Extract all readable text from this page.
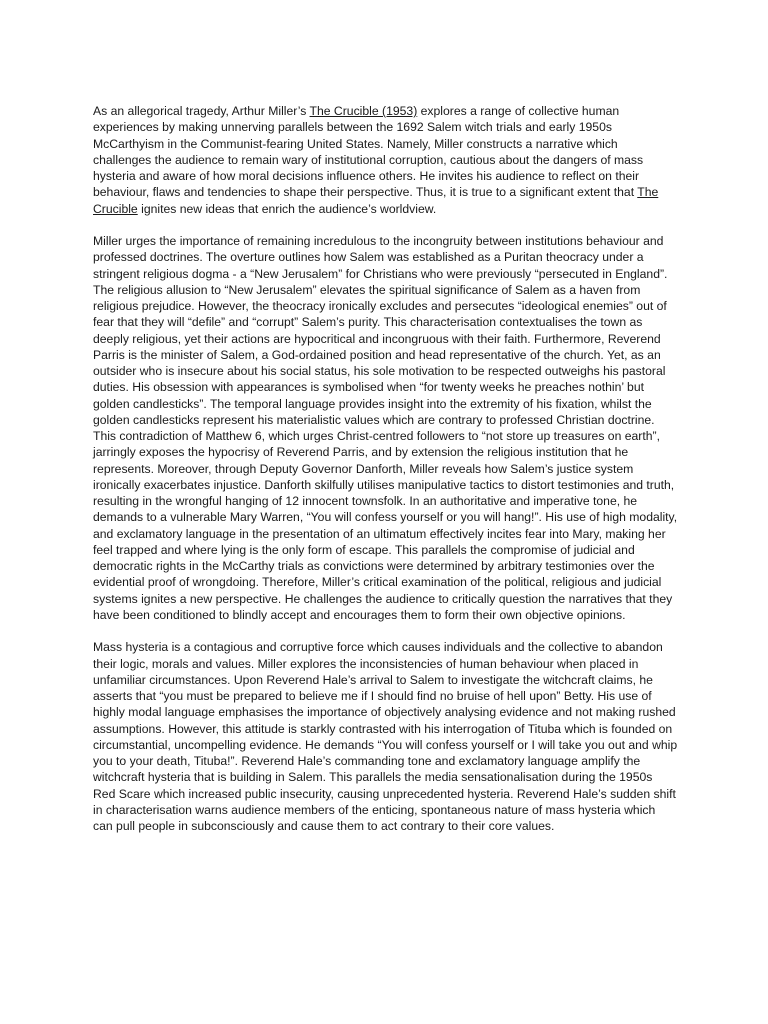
As an allegorical tragedy, Arthur Miller’s The Crucible (1953) explores a range of collective human experiences by making unnerving parallels between the 1692 Salem witch trials and early 1950s McCarthyism in the Communist-fearing United States. Namely, Miller constructs a narrative which challenges the audience to remain wary of institutional corruption, cautious about the dangers of mass hysteria and aware of how moral decisions influence others. He invites his audience to reflect on their behaviour, flaws and tendencies to shape their perspective. Thus, it is true to a significant extent that The Crucible ignites new ideas that enrich the audience’s worldview.

Miller urges the importance of remaining incredulous to the incongruity between institutions behaviour and professed doctrines. The overture outlines how Salem was established as a Puritan theocracy under a stringent religious dogma - a “New Jerusalem” for Christians who were previously “persecuted in England”. The religious allusion to “New Jerusalem” elevates the spiritual significance of Salem as a haven from religious prejudice. However, the theocracy ironically excludes and persecutes “ideological enemies” out of fear that they will “defile” and “corrupt” Salem’s purity. This characterisation contextualises the town as deeply religious, yet their actions are hypocritical and incongruous with their faith. Furthermore, Reverend Parris is the minister of Salem, a God-ordained position and head representative of the church. Yet, as an outsider who is insecure about his social status, his sole motivation to be respected outweighs his pastoral duties. His obsession with appearances is symbolised when “for twenty weeks he preaches nothin’ but golden candlesticks”. The temporal language provides insight into the extremity of his fixation, whilst the golden candlesticks represent his materialistic values which are contrary to professed Christian doctrine. This contradiction of Matthew 6, which urges Christ-centred followers to “not store up treasures on earth”, jarringly exposes the hypocrisy of Reverend Parris, and by extension the religious institution that he represents. Moreover, through Deputy Governor Danforth, Miller reveals how Salem’s justice system ironically exacerbates injustice. Danforth skilfully utilises manipulative tactics to distort testimonies and truth, resulting in the wrongful hanging of 12 innocent townsfolk. In an authoritative and imperative tone, he demands to a vulnerable Mary Warren, “You will confess yourself or you will hang!”. His use of high modality, and exclamatory language in the presentation of an ultimatum effectively incites fear into Mary, making her feel trapped and where lying is the only form of escape. This parallels the compromise of judicial and democratic rights in the McCarthy trials as convictions were determined by arbitrary testimonies over the evidential proof of wrongdoing. Therefore, Miller’s critical examination of the political, religious and judicial systems ignites a new perspective. He challenges the audience to critically question the narratives that they have been conditioned to blindly accept and encourages them to form their own objective opinions.

Mass hysteria is a contagious and corruptive force which causes individuals and the collective to abandon their logic, morals and values. Miller explores the inconsistencies of human behaviour when placed in unfamiliar circumstances. Upon Reverend Hale’s arrival to Salem to investigate the witchcraft claims, he asserts that “you must be prepared to believe me if I should find no bruise of hell upon” Betty. His use of highly modal language emphasises the importance of objectively analysing evidence and not making rushed assumptions. However, this attitude is starkly contrasted with his interrogation of Tituba which is founded on circumstantial, uncompelling evidence. He demands “You will confess yourself or I will take you out and whip you to your death, Tituba!”. Reverend Hale’s commanding tone and exclamatory language amplify the witchcraft hysteria that is building in Salem. This parallels the media sensationalisation during the 1950s Red Scare which increased public insecurity, causing unprecedented hysteria. Reverend Hale’s sudden shift in characterisation warns audience members of the enticing, spontaneous nature of mass hysteria which can pull people in subconsciously and cause them to act contrary to their core values.
